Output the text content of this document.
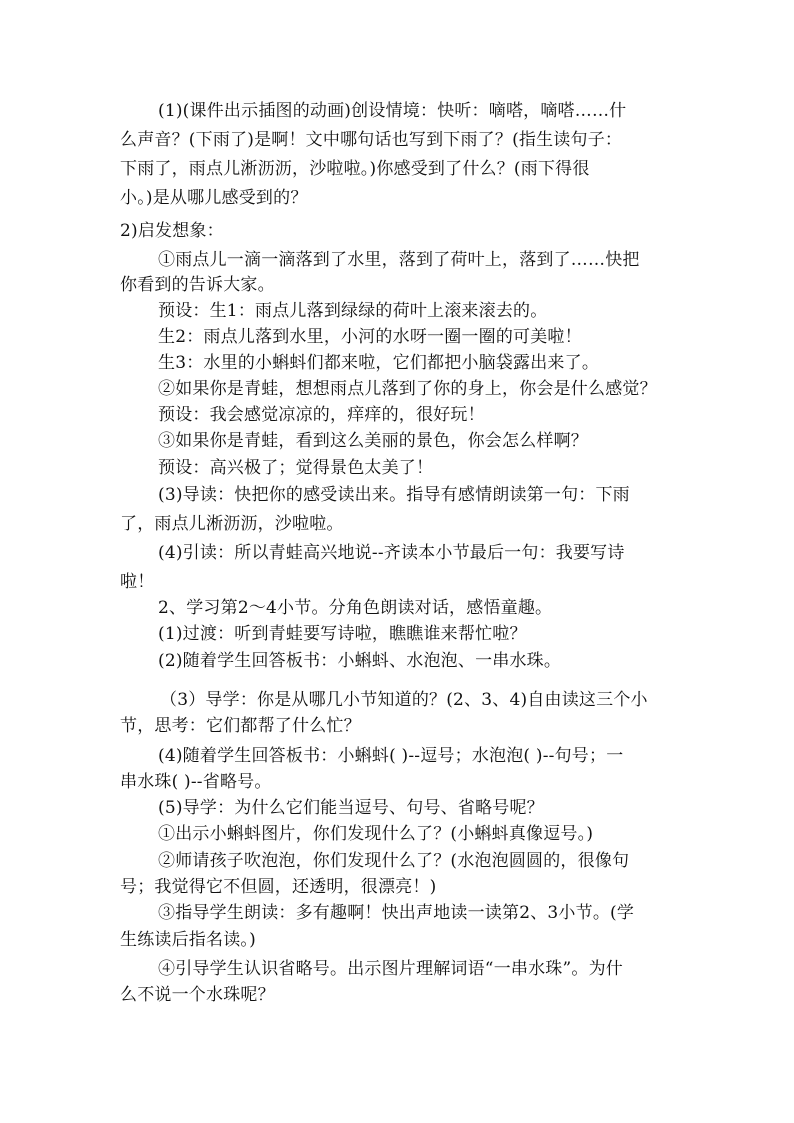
(1)(课件出示插图的动画)创设情境：快听：嘀嗒，嘀嗒……什
么声音？(下雨了)是啊！文中哪句话也写到下雨了？(指生读句子：
下雨了，雨点儿淅沥沥，沙啦啦。)你感受到了什么？(雨下得很
小。)是从哪儿感受到的？
2)启发想象：
①雨点儿一滴一滴落到了水里，落到了荷叶上，落到了……快把
你看到的告诉大家。
预设：生1：雨点儿落到绿绿的荷叶上滚来滚去的。
生2：雨点儿落到水里，小河的水呀一圈一圈的可美啦！
生3：水里的小蝌蚪们都来啦，它们都把小脑袋露出来了。
②如果你是青蛙，想想雨点儿落到了你的身上，你会是什么感觉？
预设：我会感觉凉凉的，痒痒的，很好玩！
③如果你是青蛙，看到这么美丽的景色，你会怎么样啊？
预设：高兴极了；觉得景色太美了！
(3)导读：快把你的感受读出来。指导有感情朗读第一句：下雨
了，雨点儿淅沥沥，沙啦啦。
(4)引读：所以青蛙高兴地说--齐读本小节最后一句：我要写诗
啦！
2、学习第2～4小节。分角色朗读对话，感悟童趣。
(1)过渡：听到青蛙要写诗啦，瞧瞧谁来帮忙啦？
(2)随着学生回答板书：小蝌蚪、水泡泡、一串水珠。
（3）导学：你是从哪几小节知道的？(2、3、4)自由读这三个小
节，思考：它们都帮了什么忙？
(4)随着学生回答板书：小蝌蚪( )--逗号；水泡泡( )--句号；一
串水珠( )--省略号。
(5)导学：为什么它们能当逗号、句号、省略号呢？
①出示小蝌蚪图片，你们发现什么了？(小蝌蚪真像逗号。)
②师请孩子吹泡泡，你们发现什么了？(水泡泡圆圆的，很像句
号；我觉得它不但圆，还透明，很漂亮！)
③指导学生朗读：多有趣啊！快出声地读一读第2、3小节。(学
生练读后指名读。)
④引导学生认识省略号。出示图片理解词语“一串水珠”。为什
么不说一个水珠呢？
